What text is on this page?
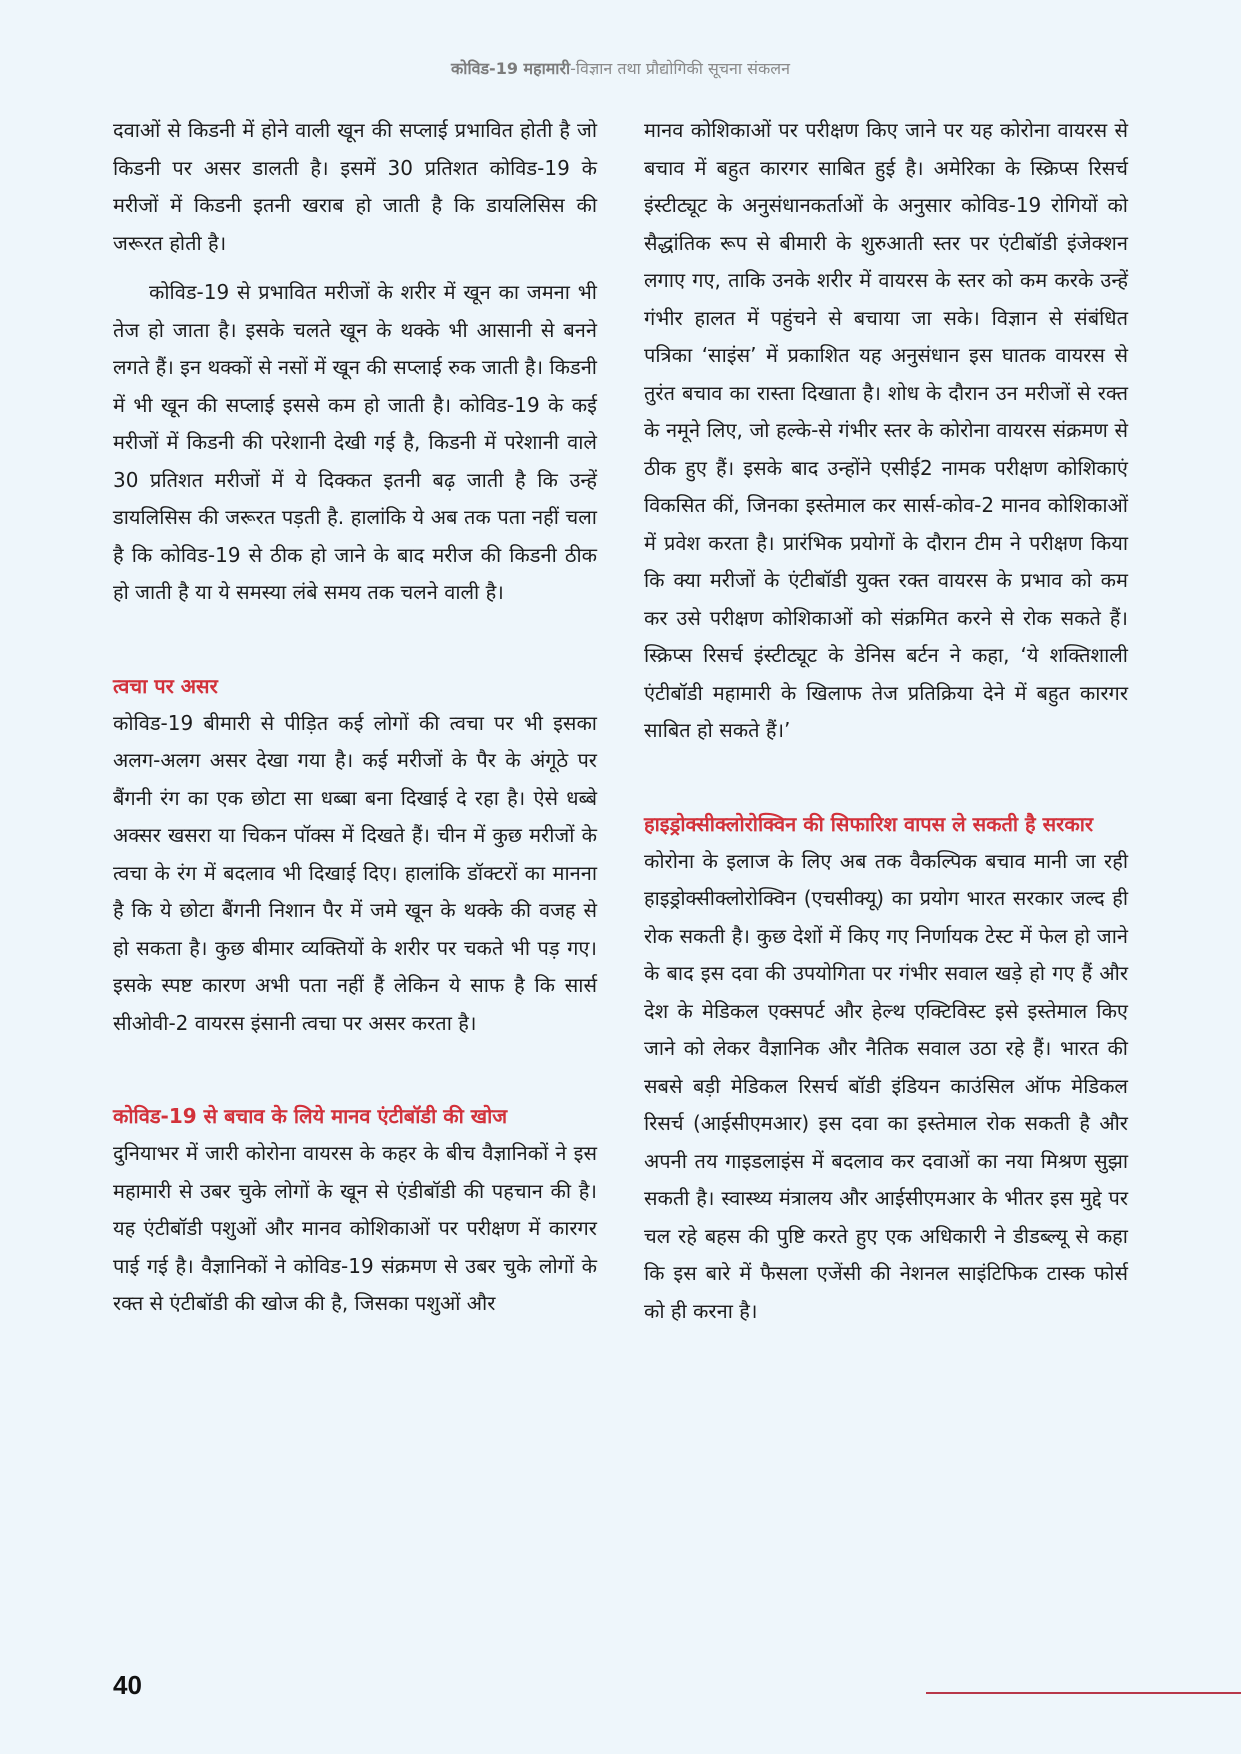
कोविड-19 महामारी-विज्ञान तथा प्रौद्योगिकी सूचना संकलन

दवाओं से किडनी में होने वाली खून की सप्लाई प्रभावित होती है जो किडनी पर असर डालती है। इसमें 30 प्रतिशत कोविड-19 के मरीजों में किडनी इतनी खराब हो जाती है कि डायलिसिस की जरूरत होती है।

कोविड-19 से प्रभावित मरीजों के शरीर में खून का जमना भी तेज हो जाता है। इसके चलते खून के थक्के भी आसानी से बनने लगते हैं। इन थक्कों से नसों में खून की सप्लाई रुक जाती है। किडनी में भी खून की सप्लाई इससे कम हो जाती है। कोविड-19 के कई मरीजों में किडनी की परेशानी देखी गई है, किडनी में परेशानी वाले 30 प्रतिशत मरीजों में ये दिक्कत इतनी बढ़ जाती है कि उन्हें डायलिसिस की जरूरत पड़ती है. हालांकि ये अब तक पता नहीं चला है कि कोविड-19 से ठीक हो जाने के बाद मरीज की किडनी ठीक हो जाती है या ये समस्या लंबे समय तक चलने वाली है।

त्वचा पर असर

कोविड-19 बीमारी से पीड़ित कई लोगों की त्वचा पर भी इसका अलग-अलग असर देखा गया है। कई मरीजों के पैर के अंगूठे पर बैंगनी रंग का एक छोटा सा धब्बा बना दिखाई दे रहा है। ऐसे धब्बे अक्सर खसरा या चिकन पॉक्स में दिखते हैं। चीन में कुछ मरीजों के त्वचा के रंग में बदलाव भी दिखाई दिए। हालांकि डॉक्टरों का मानना है कि ये छोटा बैंगनी निशान पैर में जमे खून के थक्के की वजह से हो सकता है। कुछ बीमार व्यक्तियों के शरीर पर चकते भी पड़ गए। इसके स्पष्ट कारण अभी पता नहीं हैं लेकिन ये साफ है कि सार्स सीओवी-2 वायरस इंसानी त्वचा पर असर करता है।

कोविड-19 से बचाव के लिये मानव एंटीबॉडी की खोज

दुनियाभर में जारी कोरोना वायरस के कहर के बीच वैज्ञानिकों ने इस महामारी से उबर चुके लोगों के खून से एंडीबॉडी की पहचान की है। यह एंटीबॉडी पशुओं और मानव कोशिकाओं पर परीक्षण में कारगर पाई गई है। वैज्ञानिकों ने कोविड-19 संक्रमण से उबर चुके लोगों के रक्त से एंटीबॉडी की खोज की है, जिसका पशुओं और

मानव कोशिकाओं पर परीक्षण किए जाने पर यह कोरोना वायरस से बचाव में बहुत कारगर साबित हुई है। अमेरिका के स्क्रिप्स रिसर्च इंस्टीट्यूट के अनुसंधानकर्ताओं के अनुसार कोविड-19 रोगियों को सैद्धांतिक रूप से बीमारी के शुरुआती स्तर पर एंटीबॉडी इंजेक्शन लगाए गए, ताकि उनके शरीर में वायरस के स्तर को कम करके उन्हें गंभीर हालत में पहुंचने से बचाया जा सके। विज्ञान से संबंधित पत्रिका ‘साइंस’ में प्रकाशित यह अनुसंधान इस घातक वायरस से तुरंत बचाव का रास्ता दिखाता है। शोध के दौरान उन मरीजों से रक्त के नमूने लिए, जो हल्के-से गंभीर स्तर के कोरोना वायरस संक्रमण से ठीक हुए हैं। इसके बाद उन्होंने एसीई2 नामक परीक्षण कोशिकाएं विकसित कीं, जिनका इस्तेमाल कर सार्स-कोव-2 मानव कोशिकाओं में प्रवेश करता है। प्रारंभिक प्रयोगों के दौरान टीम ने परीक्षण किया कि क्या मरीजों के एंटीबॉडी युक्त रक्त वायरस के प्रभाव को कम कर उसे परीक्षण कोशिकाओं को संक्रमित करने से रोक सकते हैं। स्क्रिप्स रिसर्च इंस्टीट्यूट के डेनिस बर्टन ने कहा, ‘ये शक्तिशाली एंटीबॉडी महामारी के खिलाफ तेज प्रतिक्रिया देने में बहुत कारगर साबित हो सकते हैं।’

हाइड्रोक्सीक्लोरोक्विन की सिफारिश वापस ले सकती है सरकार

कोरोना के इलाज के लिए अब तक वैकल्पिक बचाव मानी जा रही हाइड्रोक्सीक्लोरोक्विन (एचसीक्यू) का प्रयोग भारत सरकार जल्द ही रोक सकती है। कुछ देशों में किए गए निर्णायक टेस्ट में फेल हो जाने के बाद इस दवा की उपयोगिता पर गंभीर सवाल खड़े हो गए हैं और देश के मेडिकल एक्सपर्ट और हेल्थ एक्टिविस्ट इसे इस्तेमाल किए जाने को लेकर वैज्ञानिक और नैतिक सवाल उठा रहे हैं। भारत की सबसे बड़ी मेडिकल रिसर्च बॉडी इंडियन काउंसिल ऑफ मेडिकल रिसर्च (आईसीएमआर) इस दवा का इस्तेमाल रोक सकती है और अपनी तय गाइडलाइंस में बदलाव कर दवाओं का नया मिश्रण सुझा सकती है। स्वास्थ्य मंत्रालय और आईसीएमआर के भीतर इस मुद्दे पर चल रहे बहस की पुष्टि करते हुए एक अधिकारी ने डीडब्ल्यू से कहा कि इस बारे में फैसला एजेंसी की नेशनल साइंटिफिक टास्क फोर्स को ही करना है।

40
